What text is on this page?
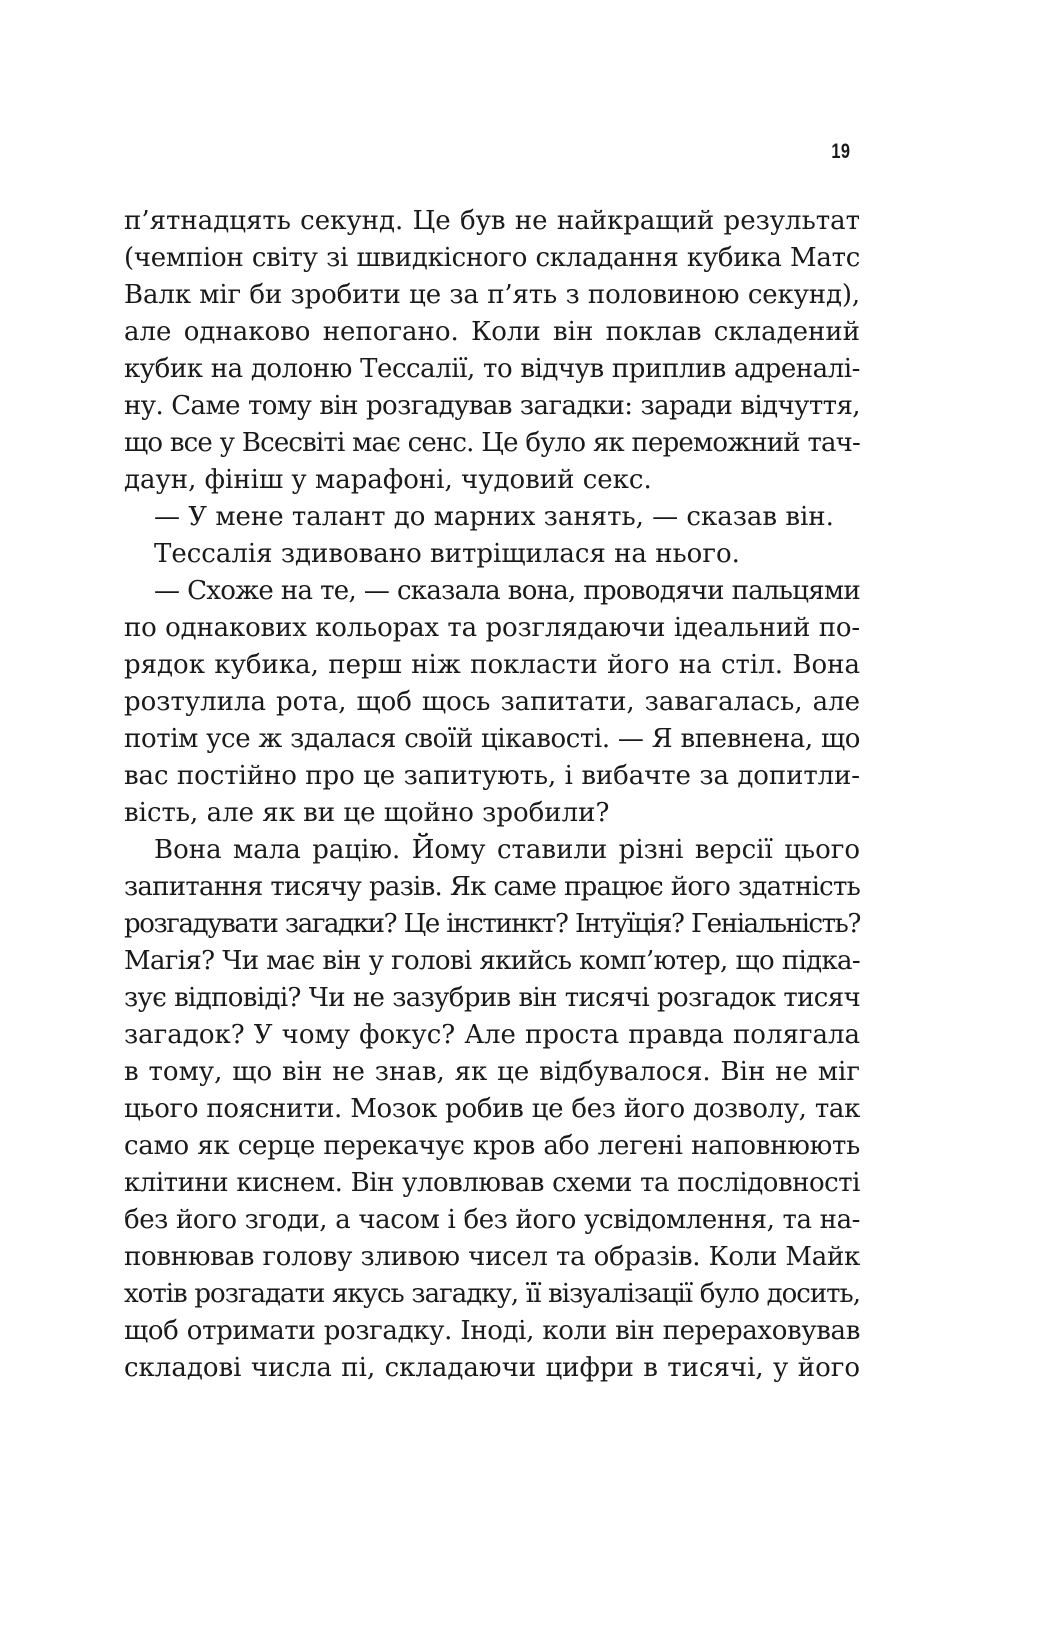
19

п’ятнадцять секунд. Це був не найкращий результат

(чемпіон світу зі швидкісного складання кубика Матс

Валк міг би зробити це за п’ять з половиною секунд),

але однаково непогано. Коли він поклав складений

кубик на долоню Тессалії, то відчув приплив адреналі-

ну. Саме тому він розгадував загадки: заради відчуття,

що все у Всесвіті має сенс. Це було як переможний тач-

даун, фініш у марафоні, чудовий секс.

— У мене талант до марних занять, — сказав він.

Тессалія здивовано витріщилася на нього.

— Схоже на те, — сказала вона, проводячи пальцями

по однакових кольорах та розглядаючи ідеальний по-

рядок кубика, перш ніж покласти його на стіл. Вона

розтулила рота, щоб щось запитати, завагалась, але

потім усе ж здалася своїй цікавості. — Я впевнена, що

вас постійно про це запитують, і вибачте за допитли-

вість, але як ви це щойно зробили?

Вона мала рацію. Йому ставили різні версії цього

запитання тисячу разів. Як саме працює його здатність

розгадувати загадки? Це інстинкт? Інтуїція? Геніальність?

Магія? Чи має він у голові якийсь комп’ютер, що підка-

зує відповіді? Чи не зазубрив він тисячі розгадок тисяч

загадок? У чому фокус? Але проста правда полягала

в тому, що він не знав, як це відбувалося. Він не міг

цього пояснити. Мозок робив це без його дозволу, так

само як серце перекачує кров або легені наповнюють

клітини киснем. Він уловлював схеми та послідовності

без його згоди, а часом і без його усвідомлення, та на-

повнював голову зливою чисел та образів. Коли Майк

хотів розгадати якусь загадку, її візуалізації було досить,

щоб отримати розгадку. Іноді, коли він перераховував

складові числа пі, складаючи цифри в тисячі, у його
